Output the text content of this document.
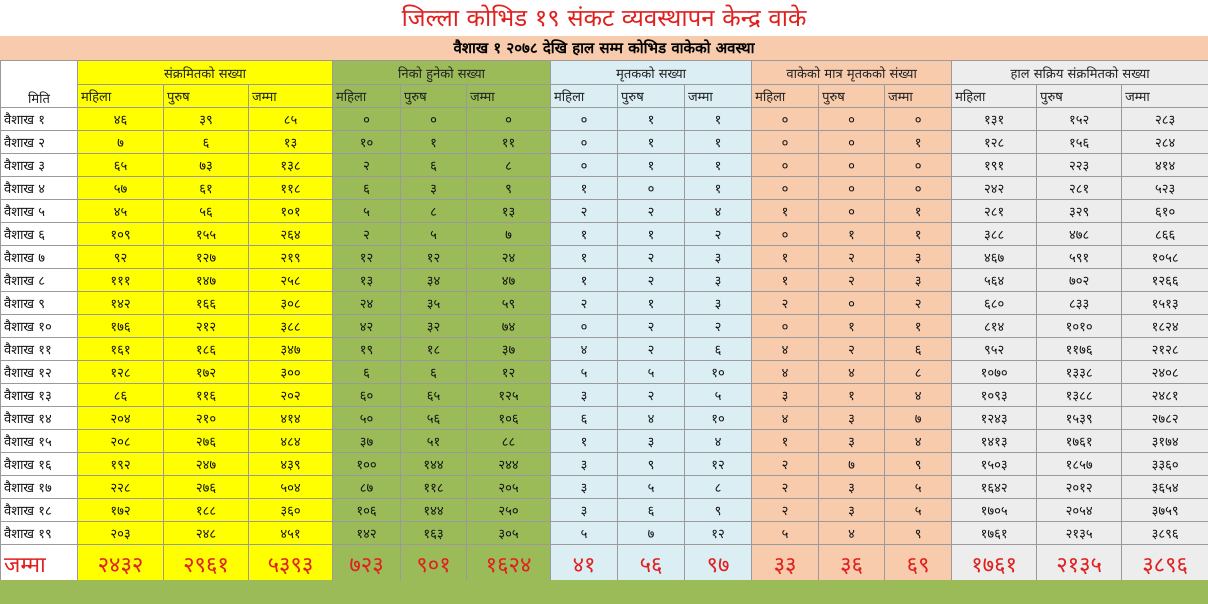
जिल्ला कोभिड १९ संकट व्यवस्थापन केन्द्र वाके
वैशाख १ २०७८ देखि हाल सम्म कोभिड वाकेको अवस्था
मिति	संक्रमितको सख्या			निको हुनेको सख्या			मृतकको सख्या			वाकेको मात्र मृतकको संख्या			हाल सक्रिय संक्रमितको सख्या		
	महिला	पुरुष	जम्मा	महिला	पुरुष	जम्मा	महिला	पुरुष	जम्मा	महिला	पुरुष	जम्मा	महिला	पुरुष	जम्मा
वैशाख १	४६	३९	८५	०	०	०	०	१	१	०	०	०	१३१	१५२	२८३
वैशाख २	७	६	१३	१०	१	११	०	१	१	०	०	१	१२८	१५६	२८४
वैशाख ३	६५	७३	१३८	२	६	८	०	१	१	०	०	०	१९१	२२३	४१४
वैशाख ४	५७	६१	११८	६	३	९	१	०	१	०	०	०	२४२	२८१	५२३
वैशाख ५	४५	५६	१०१	५	८	१३	२	२	४	१	०	१	२८१	३२९	६१०
वैशाख ६	१०९	१५५	२६४	२	५	७	१	१	२	०	१	१	३८८	४७८	८६६
वैशाख ७	९२	१२७	२१९	१२	१२	२४	१	२	३	१	२	३	४६७	५९१	१०५८
वैशाख ८	१११	१४७	२५८	१३	३४	४७	१	२	३	१	२	३	५६४	७०२	१२६६
वैशाख ९	१४२	१६६	३०८	२४	३५	५९	२	१	३	२	०	२	६८०	८३३	१५१३
वैशाख १०	१७६	२१२	३८८	४२	३२	७४	०	२	२	०	१	१	८१४	१०१०	१८२४
वैशाख ११	१६१	१८६	३४७	१९	१८	३७	४	२	६	४	२	६	९५२	११७६	२१२८
वैशाख १२	१२८	१७२	३००	६	६	१२	५	५	१०	४	४	८	१०७०	१३३८	२४०८
वैशाख १३	८६	११६	२०२	६०	६५	१२५	३	२	५	३	१	४	१०९३	१३८८	२४८१
वैशाख १४	२०४	२१०	४१४	५०	५६	१०६	६	४	१०	४	३	७	१२४३	१५३९	२७८२
वैशाख १५	२०८	२७६	४८४	३७	५१	८८	१	३	४	१	३	४	१४१३	१७६१	३१७४
वैशाख १६	१९२	२४७	४३९	१००	१४४	२४४	३	९	१२	२	७	९	१५०३	१८५७	३३६०
वैशाख १७	२२८	२७६	५०४	८७	११८	२०५	३	५	८	२	३	५	१६४२	२०१२	३६५४
वैशाख १८	१७२	१८८	३६०	१०६	१४४	२५०	३	६	९	२	३	५	१७०५	२०५४	३७५९
वैशाख १९	२०३	२४८	४५१	१४२	१६३	३०५	५	७	१२	५	४	९	१७६१	२१३५	३८९६
जम्मा	२४३२	२९६१	५३९३	७२३	९०१	१६२४	४१	५६	९७	३३	३६	६९	१७६१	२१३५	३८९६
